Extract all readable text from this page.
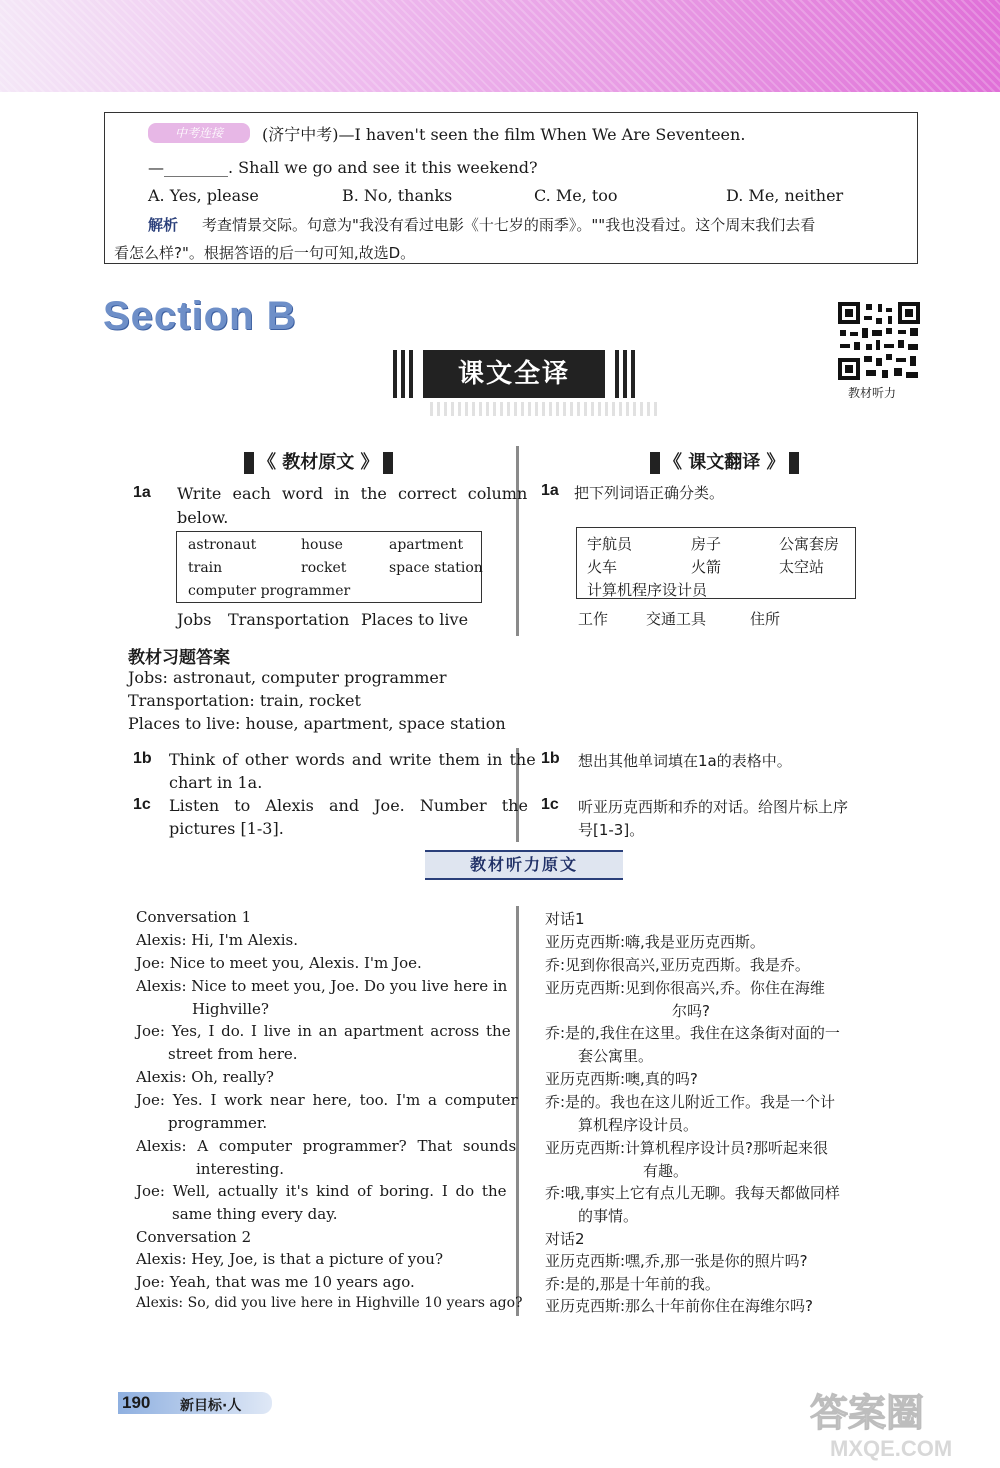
中考连接	(济宁中考)—I haven't seen the film When We Are Seventeen.
—________. Shall we go and see it this weekend?
A. Yes, please	B. No, thanks	C. Me, too	D. Me, neither
解析 考查情景交际。句意为"我没有看过电影《十七岁的雨季》。""我也没看过。这个周末我们去看
看怎么样?"。根据答语的后一句可知,故选D。
Section B
教材听力
课文全译
《 教材原文 》	《 课文翻译 》
1a Write each word in the correct column
below.
astronaut	house	apartment
train	rocket	space station
computer programmer
Jobs Transportation Places to live
1a 把下列词语正确分类。
宇航员	房子	公寓套房
火车	火箭	太空站
计算机程序设计员
工作	交通工具	住所
教材习题答案
Jobs: astronaut, computer programmer
Transportation: train, rocket
Places to live: house, apartment, space station
1b Think of other words and write them in the
chart in 1a.
1c Listen to Alexis and Joe. Number the
pictures [1-3].
1b 想出其他单词填在1a的表格中。
1c 听亚历克西斯和乔的对话。给图片标上序
号[1-3]。
教材听力原文
Conversation 1
Alexis: Hi, I'm Alexis.
Joe: Nice to meet you, Alexis. I'm Joe.
Alexis: Nice to meet you, Joe. Do you live here in
Highville?
Joe: Yes, I do. I live in an apartment across the
street from here.
Alexis: Oh, really?
Joe: Yes. I work near here, too. I'm a computer
programmer.
Alexis: A computer programmer? That sounds
interesting.
Joe: Well, actually it's kind of boring. I do the
same thing every day.
Conversation 2
Alexis: Hey, Joe, is that a picture of you?
Joe: Yeah, that was me 10 years ago.
Alexis: So, did you live here in Highville 10 years ago?
对话1
亚历克西斯:嗨,我是亚历克西斯。
乔:见到你很高兴,亚历克西斯。我是乔。
亚历克西斯:见到你很高兴,乔。你住在海维
尔吗?
乔:是的,我住在这里。我住在这条街对面的一
套公寓里。
亚历克西斯:噢,真的吗?
乔:是的。我也在这儿附近工作。我是一个计
算机程序设计员。
亚历克西斯:计算机程序设计员?那听起来很
有趣。
乔:哦,事实上它有点儿无聊。我每天都做同样
的事情。
对话2
亚历克西斯:嘿,乔,那一张是你的照片吗?
乔:是的,那是十年前的我。
亚历克西斯:那么十年前你住在海维尔吗?
190 新目标·人	答案圈
MXQE.COM
